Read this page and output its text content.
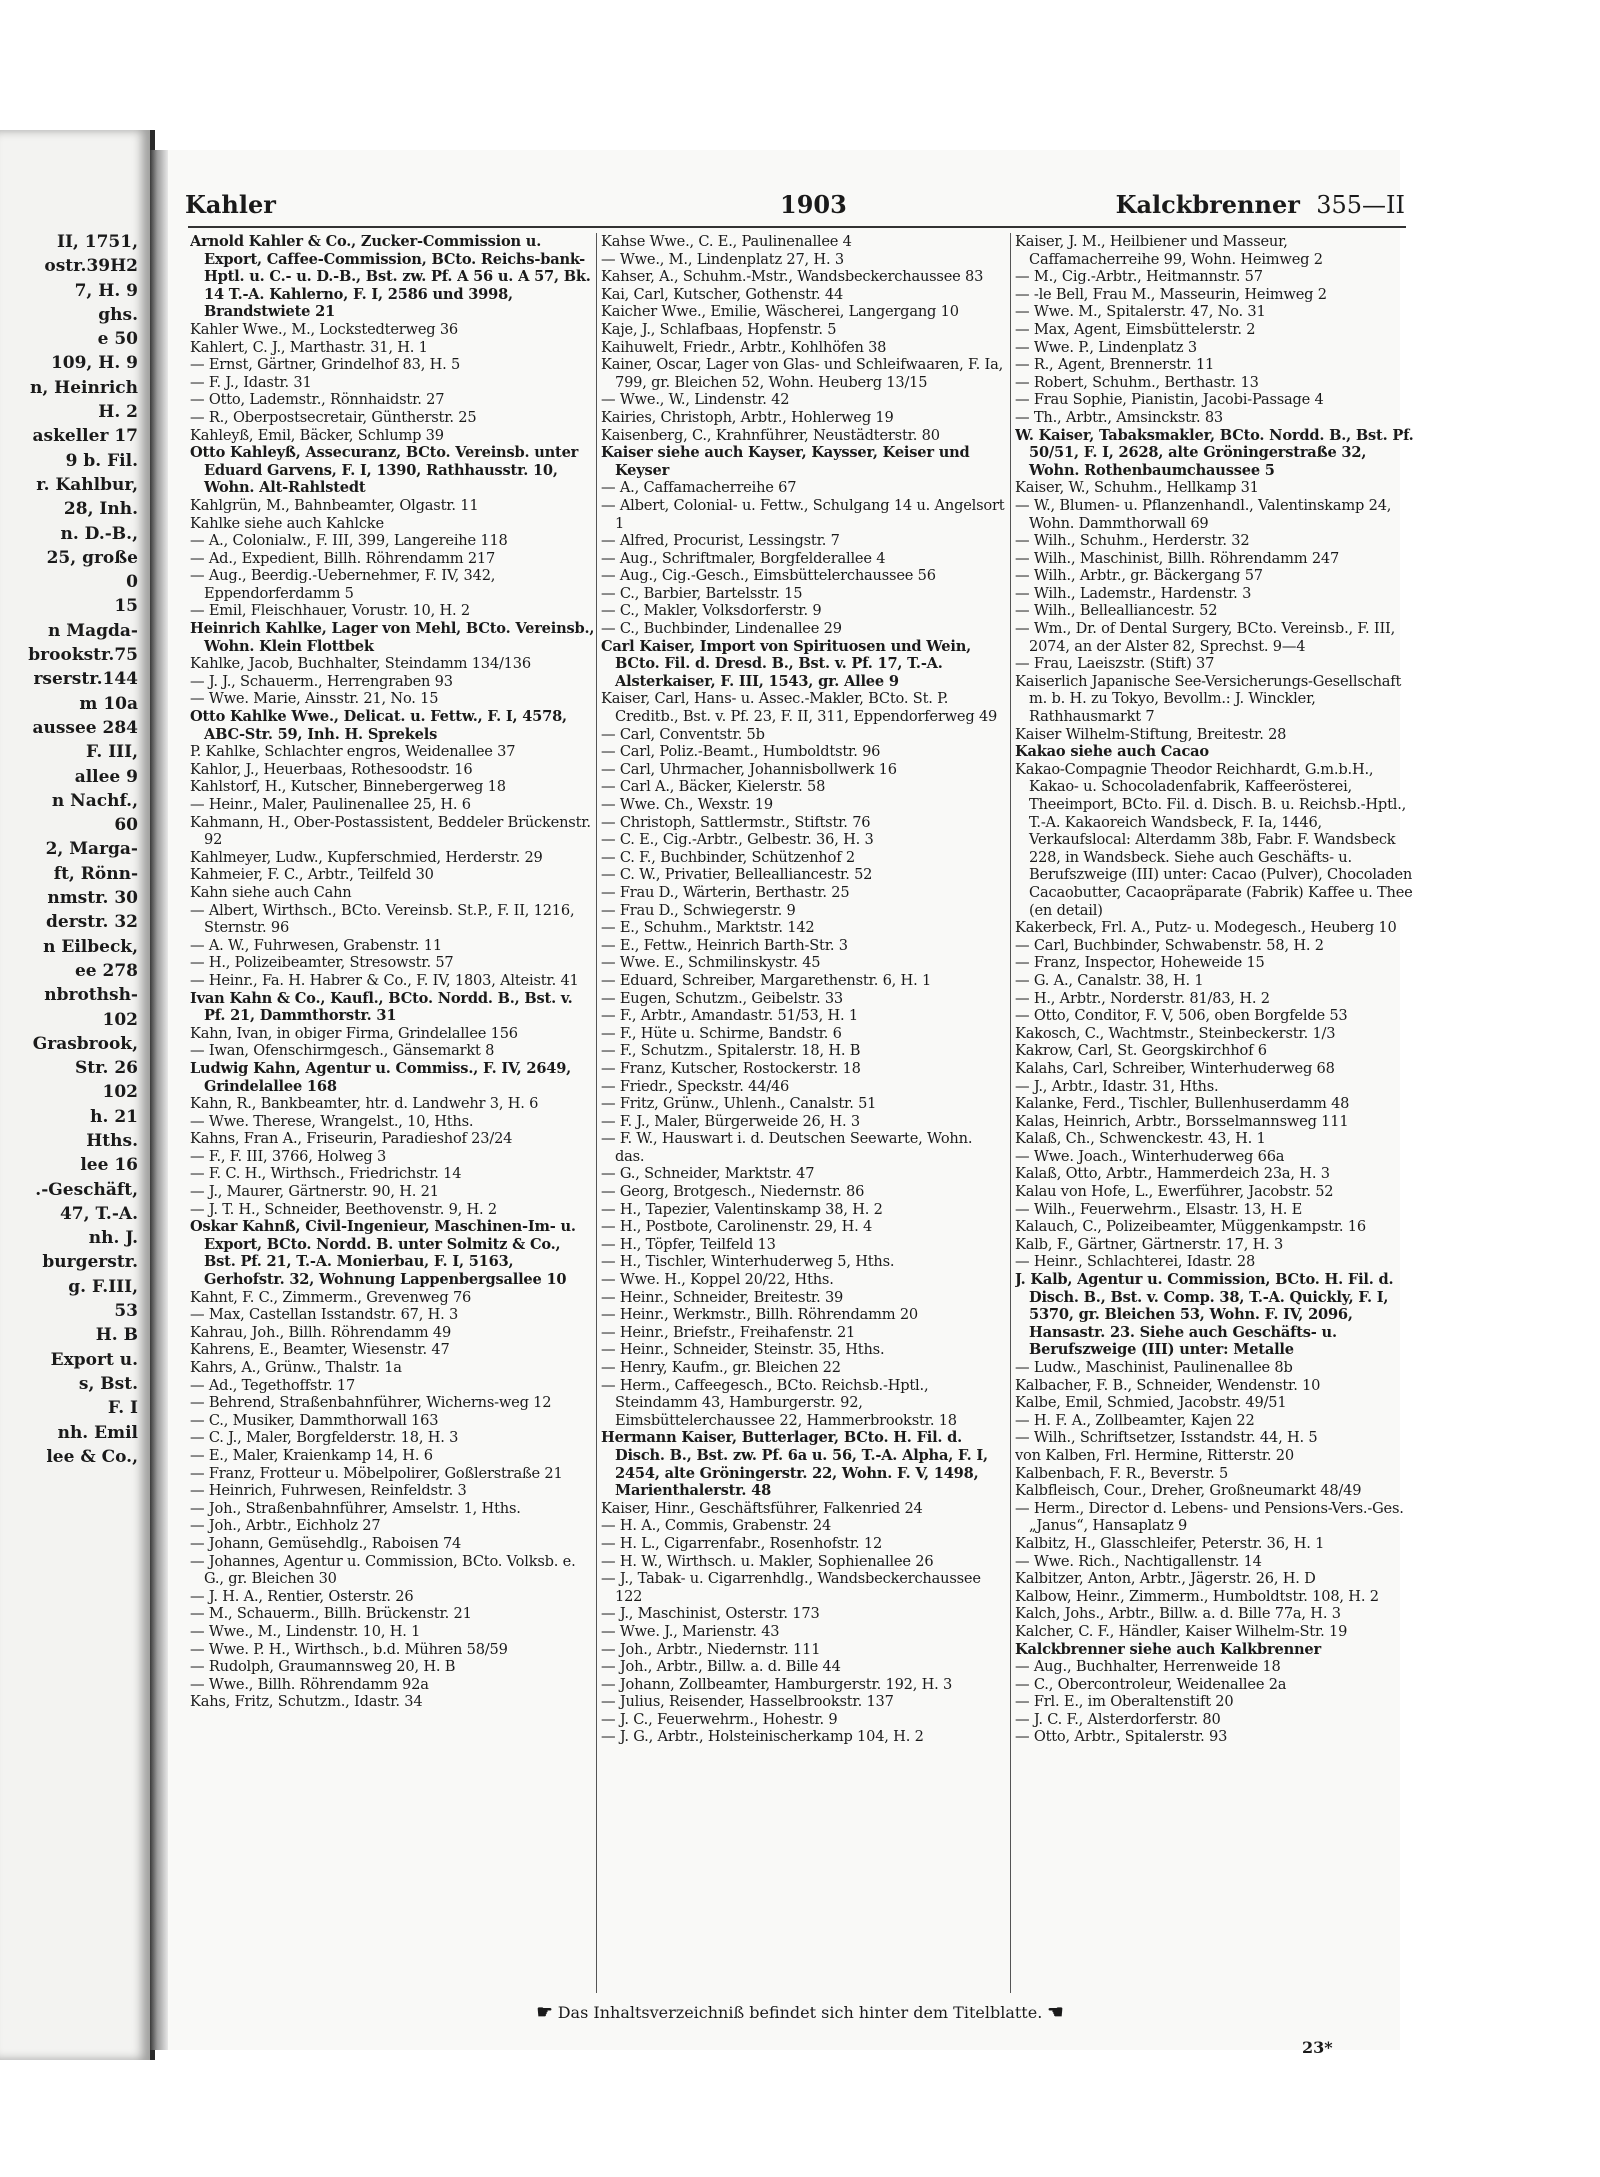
II, 1751,
ostr.39H2
7, H. 9
ghs.
e 50
109, H. 9
n, Heinrich
H. 2
askeller 17
9 b. Fil.
r. Kahlbur,
28, Inh.
n. D.-B.,
25, große
0
15
n Magda-
brookstr.75
rserstr.144
m 10a
aussee 284
F. III,
allee 9
n Nachf.,
60
2, Marga-
ft, Rönn-
nmstr. 30
derstr. 32
n Eilbeck,
ee 278
nbrothsh-
102
Grasbrook,
Str. 26
102
h. 21
Hths.
lee 16
.-Geschäft,
47, T.-A.
nh. J.
burgerstr.
g. F.III,
53
H. B
Export u.
s, Bst.
F. I
nh. Emil
lee & Co.,
Kahler	1903	Kalckbrenner 355—II

Arnold Kahler & Co., Zucker-Commission u. Export, Caffee-Commission, BCto. Reichs-bank-Hptl. u. C.- u. D.-B., Bst. zw. Pf. A 56 u. A 57, Bk. 14 T.-A. Kahlerno, F. I, 2586 und 3998, Brandstwiete 21

Kahler Wwe., M., Lockstedterweg 36

Kahlert, C. J., Marthastr. 31, H. 1

— Ernst, Gärtner, Grindelhof 83, H. 5

— F. J., Idastr. 31

— Otto, Lademstr., Rönnhaidstr. 27

— R., Oberpostsecretair, Güntherstr. 25

Kahleyß, Emil, Bäcker, Schlump 39

Otto Kahleyß, Assecuranz, BCto. Vereinsb. unter Eduard Garvens, F. I, 1390, Rathhausstr. 10, Wohn. Alt-Rahlstedt

Kahlgrün, M., Bahnbeamter, Olgastr. 11

Kahlke siehe auch Kahlcke

— A., Colonialw., F. III, 399, Langereihe 118

— Ad., Expedient, Billh. Röhrendamm 217

— Aug., Beerdig.-Uebernehmer, F. IV, 342, Eppendorferdamm 5

— Emil, Fleischhauer, Vorustr. 10, H. 2

Heinrich Kahlke, Lager von Mehl, BCto. Vereinsb., Wohn. Klein Flottbek

Kahlke, Jacob, Buchhalter, Steindamm 134/136

— J. J., Schauerm., Herrengraben 93

— Wwe. Marie, Ainsstr. 21, No. 15

Otto Kahlke Wwe., Delicat. u. Fettw., F. I, 4578, ABC-Str. 59, Inh. H. Sprekels

P. Kahlke, Schlachter engros, Weidenallee 37

Kahlor, J., Heuerbaas, Rothesoodstr. 16

Kahlstorf, H., Kutscher, Binnebergerweg 18

— Heinr., Maler, Paulinenallee 25, H. 6

Kahmann, H., Ober-Postassistent, Beddeler Brückenstr. 92

Kahlmeyer, Ludw., Kupferschmied, Herderstr. 29

Kahmeier, F. C., Arbtr., Teilfeld 30

Kahn siehe auch Cahn

— Albert, Wirthsch., BCto. Vereinsb. St.P., F. II, 1216, Sternstr. 96

— A. W., Fuhrwesen, Grabenstr. 11

— H., Polizeibeamter, Stresowstr. 57

— Heinr., Fa. H. Habrer & Co., F. IV, 1803, Alteistr. 41

Ivan Kahn & Co., Kaufl., BCto. Nordd. B., Bst. v. Pf. 21, Dammthorstr. 31

Kahn, Ivan, in obiger Firma, Grindelallee 156

— Iwan, Ofenschirmgesch., Gänsemarkt 8

Ludwig Kahn, Agentur u. Commiss., F. IV, 2649, Grindelallee 168

Kahn, R., Bankbeamter, htr. d. Landwehr 3, H. 6

— Wwe. Therese, Wrangelst., 10, Hths.

Kahns, Fran A., Friseurin, Paradieshof 23/24

— F., F. III, 3766, Holweg 3

— F. C. H., Wirthsch., Friedrichstr. 14

— J., Maurer, Gärtnerstr. 90, H. 21

— J. T. H., Schneider, Beethovenstr. 9, H. 2

Oskar Kahnß, Civil-Ingenieur, Maschinen-Im- u. Export, BCto. Nordd. B. unter Solmitz & Co., Bst. Pf. 21, T.-A. Monierbau, F. I, 5163, Gerhofstr. 32, Wohnung Lappenbergsallee 10

Kahnt, F. C., Zimmerm., Grevenweg 76

— Max, Castellan Isstandstr. 67, H. 3

Kahrau, Joh., Billh. Röhrendamm 49

Kahrens, E., Beamter, Wiesenstr. 47

Kahrs, A., Grünw., Thalstr. 1a

— Ad., Tegethoffstr. 17

— Behrend, Straßenbahnführer, Wicherns-weg 12

— C., Musiker, Dammthorwall 163

— C. J., Maler, Borgfelderstr. 18, H. 3

— E., Maler, Kraienkamp 14, H. 6

— Franz, Frotteur u. Möbelpolirer, Goßlerstraße 21

— Heinrich, Fuhrwesen, Reinfeldstr. 3

— Joh., Straßenbahnführer, Amselstr. 1, Hths.

— Joh., Arbtr., Eichholz 27

— Johann, Gemüsehdlg., Raboisen 74

— Johannes, Agentur u. Commission, BCto. Volksb. e. G., gr. Bleichen 30

— J. H. A., Rentier, Osterstr. 26

— M., Schauerm., Billh. Brückenstr. 21

— Wwe., M., Lindenstr. 10, H. 1

— Wwe. P. H., Wirthsch., b.d. Mühren 58/59

— Rudolph, Graumannsweg 20, H. B

— Wwe., Billh. Röhrendamm 92a

Kahs, Fritz, Schutzm., Idastr. 34

Kahse Wwe., C. E., Paulinenallee 4

— Wwe., M., Lindenplatz 27, H. 3

Kahser, A., Schuhm.-Mstr., Wandsbeckerchaussee 83

Kai, Carl, Kutscher, Gothenstr. 44

Kaicher Wwe., Emilie, Wäscherei, Langergang 10

Kaje, J., Schlafbaas, Hopfenstr. 5

Kaihuwelt, Friedr., Arbtr., Kohlhöfen 38

Kainer, Oscar, Lager von Glas- und Schleifwaaren, F. Ia, 799, gr. Bleichen 52, Wohn. Heuberg 13/15

— Wwe., W., Lindenstr. 42

Kairies, Christoph, Arbtr., Hohlerweg 19

Kaisenberg, C., Krahnführer, Neustädterstr. 80

Kaiser siehe auch Kayser, Kaysser, Keiser und Keyser

— A., Caffamacherreihe 67

— Albert, Colonial- u. Fettw., Schulgang 14 u. Angelsort 1

— Alfred, Procurist, Lessingstr. 7

— Aug., Schriftmaler, Borgfelderallee 4

— Aug., Cig.-Gesch., Eimsbüttelerchaussee 56

— C., Barbier, Bartelsstr. 15

— C., Makler, Volksdorferstr. 9

— C., Buchbinder, Lindenallee 29

Carl Kaiser, Import von Spirituosen und Wein, BCto. Fil. d. Dresd. B., Bst. v. Pf. 17, T.-A. Alsterkaiser, F. III, 1543, gr. Allee 9

Kaiser, Carl, Hans- u. Assec.-Makler, BCto. St. P. Creditb., Bst. v. Pf. 23, F. II, 311, Eppendorferweg 49

— Carl, Conventstr. 5b

— Carl, Poliz.-Beamt., Humboldtstr. 96

— Carl, Uhrmacher, Johannisbollwerk 16

— Carl A., Bäcker, Kielerstr. 58

— Wwe. Ch., Wexstr. 19

— Christoph, Sattlermstr., Stiftstr. 76

— C. E., Cig.-Arbtr., Gelbestr. 36, H. 3

— C. F., Buchbinder, Schützenhof 2

— C. W., Privatier, Bellealliancestr. 52

— Frau D., Wärterin, Berthastr. 25

— Frau D., Schwiegerstr. 9

— E., Schuhm., Marktstr. 142

— E., Fettw., Heinrich Barth-Str. 3

— Wwe. E., Schmilinskystr. 45

— Eduard, Schreiber, Margarethenstr. 6, H. 1

— Eugen, Schutzm., Geibelstr. 33

— F., Arbtr., Amandastr. 51/53, H. 1

— F., Hüte u. Schirme, Bandstr. 6

— F., Schutzm., Spitalerstr. 18, H. B

— Franz, Kutscher, Rostockerstr. 18

— Friedr., Speckstr. 44/46

— Fritz, Grünw., Uhlenh., Canalstr. 51

— F. J., Maler, Bürgerweide 26, H. 3

— F. W., Hauswart i. d. Deutschen Seewarte, Wohn. das.

— G., Schneider, Marktstr. 47

— Georg, Brotgesch., Niedernstr. 86

— H., Tapezier, Valentinskamp 38, H. 2

— H., Postbote, Carolinenstr. 29, H. 4

— H., Töpfer, Teilfeld 13

— H., Tischler, Winterhuderweg 5, Hths.

— Wwe. H., Koppel 20/22, Hths.

— Heinr., Schneider, Breitestr. 39

— Heinr., Werkmstr., Billh. Röhrendamm 20

— Heinr., Briefstr., Freihafenstr. 21

— Heinr., Schneider, Steinstr. 35, Hths.

— Henry, Kaufm., gr. Bleichen 22

— Herm., Caffeegesch., BCto. Reichsb.-Hptl., Steindamm 43, Hamburgerstr. 92, Eimsbüttelerchaussee 22, Hammerbrookstr. 18

Hermann Kaiser, Butterlager, BCto. H. Fil. d. Disch. B., Bst. zw. Pf. 6a u. 56, T.-A. Alpha, F. I, 2454, alte Gröningerstr. 22, Wohn. F. V, 1498, Marienthalerstr. 48

Kaiser, Hinr., Geschäftsführer, Falkenried 24

— H. A., Commis, Grabenstr. 24

— H. L., Cigarrenfabr., Rosenhofstr. 12

— H. W., Wirthsch. u. Makler, Sophienallee 26

— J., Tabak- u. Cigarrenhdlg., Wandsbeckerchaussee 122

— J., Maschinist, Osterstr. 173

— Wwe. J., Marienstr. 43

— Joh., Arbtr., Niedernstr. 111

— Joh., Arbtr., Billw. a. d. Bille 44

— Johann, Zollbeamter, Hamburgerstr. 192, H. 3

— Julius, Reisender, Hasselbrookstr. 137

— J. C., Feuerwehrm., Hohestr. 9

— J. G., Arbtr., Holsteinischerkamp 104, H. 2

Kaiser, J. M., Heilbiener und Masseur, Caffamacherreihe 99, Wohn. Heimweg 2

— M., Cig.-Arbtr., Heitmannstr. 57

— -le Bell, Frau M., Masseurin, Heimweg 2

— Wwe. M., Spitalerstr. 47, No. 31

— Max, Agent, Eimsbüttelerstr. 2

— Wwe. P., Lindenplatz 3

— R., Agent, Brennerstr. 11

— Robert, Schuhm., Berthastr. 13

— Frau Sophie, Pianistin, Jacobi-Passage 4

— Th., Arbtr., Amsinckstr. 83

W. Kaiser, Tabaksmakler, BCto. Nordd. B., Bst. Pf. 50/51, F. I, 2628, alte Gröningerstraße 32, Wohn. Rothenbaumchaussee 5

Kaiser, W., Schuhm., Hellkamp 31

— W., Blumen- u. Pflanzenhandl., Valentinskamp 24, Wohn. Dammthorwall 69

— Wilh., Schuhm., Herderstr. 32

— Wilh., Maschinist, Billh. Röhrendamm 247

— Wilh., Arbtr., gr. Bäckergang 57

— Wilh., Lademstr., Hardenstr. 3

— Wilh., Bellealliancestr. 52

— Wm., Dr. of Dental Surgery, BCto. Vereinsb., F. III, 2074, an der Alster 82, Sprechst. 9—4

— Frau, Laeiszstr. (Stift) 37

Kaiserlich Japanische See-Versicherungs-Gesellschaft m. b. H. zu Tokyo, Bevollm.: J. Winckler, Rathhausmarkt 7

Kaiser Wilhelm-Stiftung, Breitestr. 28

Kakao siehe auch Cacao

Kakao-Compagnie Theodor Reichhardt, G.m.b.H., Kakao- u. Schocoladenfabrik, Kaffeerösterei, Theeimport, BCto. Fil. d. Disch. B. u. Reichsb.-Hptl., T.-A. Kakaoreich Wandsbeck, F. Ia, 1446, Verkaufslocal: Alterdamm 38b, Fabr. F. Wandsbeck 228, in Wandsbeck. Siehe auch Geschäfts- u. Berufszweige (III) unter: Cacao (Pulver), Chocoladen Cacaobutter, Cacaopräparate (Fabrik) Kaffee u. Thee (en detail)

Kakerbeck, Frl. A., Putz- u. Modegesch., Heuberg 10

— Carl, Buchbinder, Schwabenstr. 58, H. 2

— Franz, Inspector, Hoheweide 15

— G. A., Canalstr. 38, H. 1

— H., Arbtr., Norderstr. 81/83, H. 2

— Otto, Conditor, F. V, 506, oben Borgfelde 53

Kakosch, C., Wachtmstr., Steinbeckerstr. 1/3

Kakrow, Carl, St. Georgskirchhof 6

Kalahs, Carl, Schreiber, Winterhuderweg 68

— J., Arbtr., Idastr. 31, Hths.

Kalanke, Ferd., Tischler, Bullenhuserdamm 48

Kalas, Heinrich, Arbtr., Borsselmannsweg 111

Kalaß, Ch., Schwenckestr. 43, H. 1

— Wwe. Joach., Winterhuderweg 66a

Kalaß, Otto, Arbtr., Hammerdeich 23a, H. 3

Kalau von Hofe, L., Ewerführer, Jacobstr. 52

— Wilh., Feuerwehrm., Elsastr. 13, H. E

Kalauch, C., Polizeibeamter, Müggenkampstr. 16

Kalb, F., Gärtner, Gärtnerstr. 17, H. 3

— Heinr., Schlachterei, Idastr. 28

J. Kalb, Agentur u. Commission, BCto. H. Fil. d. Disch. B., Bst. v. Comp. 38, T.-A. Quickly, F. I, 5370, gr. Bleichen 53, Wohn. F. IV, 2096, Hansastr. 23. Siehe auch Geschäfts- u. Berufszweige (III) unter: Metalle

— Ludw., Maschinist, Paulinenallee 8b

Kalbacher, F. B., Schneider, Wendenstr. 10

Kalbe, Emil, Schmied, Jacobstr. 49/51

— H. F. A., Zollbeamter, Kajen 22

— Wilh., Schriftsetzer, Isstandstr. 44, H. 5

von Kalben, Frl. Hermine, Ritterstr. 20

Kalbenbach, F. R., Beverstr. 5

Kalbfleisch, Cour., Dreher, Großneumarkt 48/49

— Herm., Director d. Lebens- und Pensions-Vers.-Ges. „Janus“, Hansaplatz 9

Kalbitz, H., Glasschleifer, Peterstr. 36, H. 1

— Wwe. Rich., Nachtigallenstr. 14

Kalbitzer, Anton, Arbtr., Jägerstr. 26, H. D

Kalbow, Heinr., Zimmerm., Humboldtstr. 108, H. 2

Kalch, Johs., Arbtr., Billw. a. d. Bille 77a, H. 3

Kalcher, C. F., Händler, Kaiser Wilhelm-Str. 19

Kalckbrenner siehe auch Kalkbrenner

— Aug., Buchhalter, Herrenweide 18

— C., Obercontroleur, Weidenallee 2a

— Frl. E., im Oberaltenstift 20

— J. C. F., Alsterdorferstr. 80

— Otto, Arbtr., Spitalerstr. 93

☛ Das Inhaltsverzeichniß befindet sich hinter dem Titelblatte. ☚
23*
